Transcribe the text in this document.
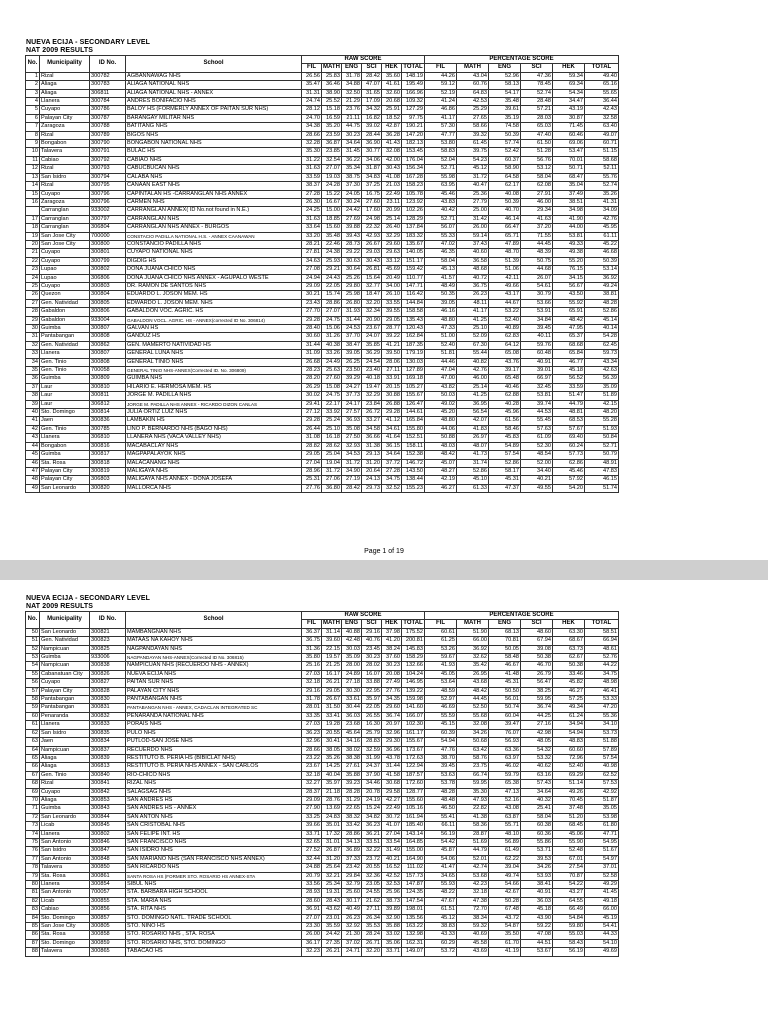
NUEVA ECIJA - SECONDARY LEVEL
NAT 2009 RESULTS
No.	Municipality	ID No.	School	RAW SCORE						PERCENTAGE SCORE					
				FIL	MATH	ENG	SCI	HEK	TOTAL	FIL	MATH	ENG	SCI	HEK	TOTAL
1	Rizal	300782	AGBANNAWAG NHS	26.56	25.83	31.78	28.42	35.60	148.19	44.26	43.04	52.96	47.36	59.34	49.40
2	Aliaga	300783	ALIAGA NATIONAL NHS	35.47	36.46	34.88	47.07	41.61	195.49	59.12	60.76	58.13	78.45	69.34	65.16
3	Aliaga	306811	ALIAGA NATIONAL NHS - ANNEX	31.31	38.90	32.50	31.65	32.60	166.96	52.19	64.83	54.17	52.74	54.34	55.65
4	Llanera	300784	ANDRES BONIFACIO NHS	24.74	25.52	21.29	17.09	20.68	109.32	41.24	42.53	35.48	28.48	34.47	36.44
5	Cuyapo	300786	BALOY HS (FORMERLY ANNEX OF PAITAN SUR NHS)	28.12	15.18	23.76	34.32	25.91	127.29	46.86	25.29	39.61	57.21	43.19	42.43
6	Palayan City	300787	BARANGAY MILITAR NHS	24.70	16.59	21.11	16.82	18.52	97.75	41.17	27.65	35.19	28.03	30.87	32.58
7	Zaragoza	300788	BATITANG NHS	34.38	35.20	44.75	39.02	42.87	190.21	57.30	58.66	74.58	65.03	71.45	63.40
8	Rizal	300789	BIGOS NHS	28.66	23.59	30.23	28.44	36.28	147.20	47.77	39.32	50.39	47.40	60.46	49.07
9	Bongabon	300790	BONGABON NATIONAL NHS	32.28	36.87	34.64	36.90	41.43	182.13	53.80	61.45	57.74	61.50	69.06	60.71
10	Talavera	300791	BULAC HS	35.30	23.85	31.45	30.77	32.08	153.45	58.83	39.75	52.42	51.28	53.47	51.15
11	Cabiao	300792	CABIAO NHS	31.22	32.54	36.22	34.06	42.00	176.04	52.04	54.23	60.37	56.76	70.01	58.68
12	Rizal	300793	CABUCBUCAN NHS	31.63	27.07	35.34	31.87	30.43	156.34	52.71	45.12	58.90	53.12	50.71	52.11
13	San Isidro	300794	CALABA NHS	33.59	19.03	38.75	34.83	41.08	167.28	55.98	31.72	64.58	58.04	68.47	55.76
14	Rizal	300795	CANAAN EAST NHS	38.37	24.28	37.30	37.25	21.03	158.23	63.95	40.47	62.17	62.08	35.04	52.74
15	Cuyapo	300796	CAPINTALAN HS -CARRANGLAN NHS ANNEX	27.28	15.22	24.05	16.75	22.49	105.78	45.46	25.36	40.08	27.91	37.49	35.26
16	Zaragoza	300796	CARMEN NHS	26.30	16.67	30.24	27.60	23.11	123.92	43.83	27.79	50.39	46.00	38.51	41.31
	Carranglan	933002	CARRANGLAN ANNEX( ID No.not found in N.E.)	24.25	15.00	24.42	17.60	20.99	102.26	40.42	25.00	40.70	29.34	34.98	34.09
17	Carranglan	300797	CARRANGLAN NHS	31.63	18.85	27.69	24.98	25.14	128.29	52.71	31.42	46.14	41.63	41.90	42.76
18	Carranglan	306804	CARRANGLAN NHS ANNEX - BURGOS	33.64	15.60	39.88	22.32	26.40	137.84	56.07	26.00	66.47	37.20	44.00	45.95
19	San Jose City	700000	CONSTACIO PADILLA NATIONAL H.S. - ANNEX CAANAWAN	33.20	35.48	39.43	42.93	32.29	183.32	55.33	59.14	65.71	71.55	53.81	61.11
20	San Jose City	300800	CONSTANCIO PADILLA NHS	28.21	22.46	28.73	26.67	29.60	135.67	47.02	37.43	47.89	44.45	49.33	45.22
21	Cuyapo	300801	CUYAPO NATIONAL NHS	27.81	24.38	29.22	29.03	29.63	140.05	46.35	40.60	48.70	48.39	49.38	46.68
22	Cuyapo	300799	DIGDIG HS	34.63	25.93	30.63	30.43	33.12	151.17	58.04	36.58	51.39	50.75	55.20	50.39
23	Lupao	300802	DONA JUANA CHICO NHS	27.08	29.21	30.64	26.81	45.69	159.42	45.13	48.68	51.06	44.68	76.15	53.14
24	Lupao	306806	DONA JUANA CHICO NHS ANNEX - AGUPALO WESTE	24.94	24.43	25.26	15.64	20.49	110.77	41.57	40.72	42.11	26.07	34.15	36.92
25	Cuyapo	300803	DR. RAMON DE SANTOS NHS	29.09	22.05	29.80	32.77	34.00	147.71	48.49	36.75	49.66	54.61	56.67	49.24
26	Quezon	300804	EDUARDO L. JOSON MEM. HS	30.21	15.74	25.98	18.47	26.10	116.42	50.35	26.23	43.17	30.79	43.50	38.81
27	Gen. Natividad	300805	EDWARDO L. JOSON MEM. NHS	23.43	28.86	26.80	32.20	33.55	144.84	39.05	48.11	44.67	53.66	55.92	48.28
28	Gabaldon	300806	GABALDON VOC. AGRIC. HS	27.70	27.07	31.93	32.34	39.55	158.58	46.16	41.17	53.22	53.91	65.91	52.86
29	Gabaldon	933004	GABALDON VOCL. AGRIC. HS - ANNEX(corrected ID No. 306814)	29.28	24.75	31.44	20.90	29.05	135.43	48.80	41.25	52.40	34.84	48.42	45.14
30	Guimba	300807	GALVAN HS	28.40	15.06	24.53	23.67	28.77	120.43	47.33	25.10	40.89	39.45	47.95	40.14
31	Pantabangan	300808	GANDUZ HS	30.60	31.26	37.70	24.07	39.22	162.84	51.00	52.09	62.83	40.11	65.37	54.28
32	Gen. Natividad	300862	GEN. MAMERTO NATIVIDAD HS	31.44	40.38	38.47	35.85	41.21	187.35	52.40	67.30	64.12	59.76	68.68	62.45
33	Llanera	300807	GENERAL LUNA NHS	31.09	33.26	39.05	36.29	39.50	179.19	51.81	55.44	65.08	60.48	65.84	59.73
34	Gen. Tinio	300808	GENERAL TINIO NHS	26.68	24.49	26.25	24.54	28.06	130.03	44.46	40.82	43.76	40.91	46.77	43.34
35	Gen. Tinio	700058	GENERAL TINIO NHS-ANNEX(Corrected ID. No. 306809)	28.23	25.63	23.50	23.40	27.11	127.89	47.04	42.76	39.17	39.01	45.18	42.63
36	Guimba	300809	GUIMBA NHS	28.20	27.60	39.29	40.18	33.91	169.18	47.00	46.00	65.48	66.97	56.52	56.39
37	Laur	300810	HILARIO E. HERMOSA MEM. HS	26.29	15.08	24.27	19.47	20.15	105.27	43.82	25.14	40.46	32.45	33.59	35.09
38	Laur	300811	JORGE M. PADILLA NHS	30.02	24.75	37.73	32.29	30.88	155.67	50.03	41.25	62.88	53.81	51.47	51.89
39	Laur	306812	JORGE M. PADILLA NHS ANNEX - RICARDO DIZON CANLAS	29.41	22.17	24.17	23.84	26.88	126.47	49.02	36.95	40.28	39.74	44.79	42.15
40	Sto. Domingo	300814	JULIA ORTIZ LUIZ NHS	27.12	33.92	27.57	26.72	29.28	144.61	45.20	56.54	45.96	44.53	48.81	48.20
41	Jaen	300836	LAMBAKIN HS	29.28	25.24	36.93	33.27	41.12	165.84	48.80	42.07	61.56	55.45	68.53	55.28
42	Gen. Tinio	300785	LINO P. BERNARDO NHS (BAGO NHS)	26.44	25.10	35.08	34.58	34.61	155.80	44.06	41.83	58.46	57.63	57.67	51.93
43	Llanera	306810	LLANERA NHS (VACA VALLEY NHS)	31.08	16.18	27.50	36.66	41.64	152.51	50.88	26.97	45.83	61.09	69.40	50.84
44	Bongabon	300816	MACABACLAY NHS	28.82	28.62	32.93	31.38	36.15	158.11	48.03	48.07	54.89	52.30	60.24	52.71
45	Guimba	300817	MAGPAPALAYOK NHS	29.05	25.04	34.53	29.13	34.64	152.38	48.42	41.73	57.54	48.54	57.73	50.79
46	Sta. Rosa	300818	MALACANANG NHS	27.04	19.04	31.72	31.20	37.72	146.72	45.07	31.74	52.86	52.00	62.86	48.91
47	Palayan City	300819	MALIGAYA NHS	28.96	31.72	34.90	20.64	27.28	143.50	48.27	52.86	58.17	34.40	45.46	47.83
48	Palayan City	306803	MALIGAYA NHS ANNEX - DONA JOSEFA	25.31	27.06	27.19	24.13	34.75	138.44	42.19	45.10	45.31	40.21	57.92	46.15
49	San Leonardo	300820	MALLORCA NHS	27.76	36.80	28.42	29.73	32.52	155.23	46.27	61.33	47.37	49.55	54.20	51.74
Page 1 of 19
NUEVA ECIJA - SECONDARY LEVEL
NAT 2009 RESULTS
No.	Municipality	ID No.	School	RAW SCORE						PERCENTAGE SCORE					
				FIL	MATH	ENG	SCI	HEK	TOTAL	FIL	MATH	ENG	SCI	HEK	TOTAL
50	San Leonardo	300821	MAMBANGNAN NHS	36.37	31.14	40.88	29.16	37.98	175.52	60.61	51.90	68.13	48.60	63.30	58.51
51	Gen. Natividad	300823	MATAAS NA KAHOY NHS	36.75	39.60	42.48	40.76	41.20	200.81	61.25	66.00	70.81	67.94	68.67	66.94
52	Nampicuan	300825	NAGPANDAYAN NHS	31.36	22.15	30.03	23.45	38.24	145.83	53.26	36.92	50.05	39.08	63.73	48.61
53	Guimba	933006	NAGPANDAYAN NHS-ANNEX(Corrected ID No. 306815)	35.80	19.57	35.09	30.23	37.60	158.29	59.67	32.62	58.48	50.38	62.67	52.76
54	Nampicuan	300838	NAMPICUAN NHS (RECUERDO NHS - ANNEX)	25.16	21.25	28.00	28.02	30.23	132.66	41.93	35.42	46.67	46.70	50.38	44.22
55	Cabanatuan City	300826	NUEVA ECIJA NHS	27.03	16.17	24.89	16.07	20.08	104.24	45.05	26.95	41.48	26.79	33.46	34.75
56	Cuyapo	300827	PAITAN SUR NHS	32.18	26.21	27.18	33.88	27.49	146.95	53.64	43.68	45.31	56.47	45.82	48.98
57	Palayan City	300828	PALAYAN CITY NHS	29.16	29.05	30.30	22.95	27.76	139.22	48.59	48.42	50.50	38.25	46.27	46.41
58	Pantabangan	300830	PANTABANGAN NHS	31.78	26.67	33.61	35.97	34.35	159.98	52.97	44.45	56.01	59.95	57.25	53.33
59	Pantabangan	300831	PANTABANGAN NHS - ANNEX, CADACLAN INTEGRATED SC	28.01	31.50	30.44	22.05	29.60	141.60	46.69	52.50	50.74	36.74	49.34	47.20
60	Penaranda	300832	PENARANDA NATIONAL NHS	33.35	33.41	36.03	26.55	36.74	166.07	55.59	55.68	60.04	44.25	61.24	55.36
61	Llanera	300833	PORAIS NHS	27.03	19.28	23.68	16.30	20.97	102.30	45.15	32.08	39.47	27.16	34.94	34.10
62	San Isidro	300835	PULO NHS	36.23	20.55	45.64	25.79	32.96	161.17	60.39	34.26	76.07	42.98	54.94	53.73
63	Jaen	300834	PUTLOD-SAN JOSE NHS	32.96	30.41	34.16	28.83	29.30	155.67	54.94	50.68	56.93	48.05	48.83	51.88
64	Nampicuan	300837	RECUERDO NHS	28.66	38.05	38.02	32.59	36.96	173.67	47.76	63.42	63.36	54.32	60.60	57.89
65	Aliaga	300839	RESTITUTO B. PERIA HS (BIBICLAT NHS)	23.22	35.26	38.38	31.99	43.78	172.63	38.70	58.76	63.97	53.32	72.96	57.54
66	Aliaga	306813	RESTITUTO B. PERIA NHS ANNEX - SAN CARLOS	23.67	14.25	27.61	24.37	31.44	122.94	39.45	23.75	46.02	40.62	52.40	40.98
67	Gen. Tinio	300840	RIO-CHICO NHS	32.18	40.04	35.88	37.90	41.58	187.57	53.63	66.74	59.79	63.16	69.29	62.52
68	Rizal	300841	RIZAL NHS	32.27	35.97	39.23	34.46	30.68	172.60	53.78	59.95	65.38	57.43	51.14	57.53
69	Cuyapo	300842	SALAGSAG NHS	28.37	21.18	28.28	20.78	29.58	128.77	48.28	35.30	47.13	34.64	49.26	42.92
70	Aliaga	300853	SAN ANDRES HS	29.09	28.76	31.29	24.19	42.27	155.60	48.48	47.93	52.16	40.32	70.45	51.87
71	Guimba	300843	SAN ANDRES HS - ANNEX	27.90	13.69	22.65	15.24	22.49	105.16	46.50	22.82	43.08	25.41	37.48	35.05
72	San Leonardo	300844	SAN ANTON NHS	33.25	24.83	38.32	34.82	30.72	161.94	55.41	41.38	63.87	58.04	51.20	53.98
73	Licab	300845	SAN CRISTOBAL NHS	39.66	35.01	33.42	36.23	41.07	185.40	66.11	58.36	55.71	60.38	68.45	61.80
74	Llanera	300802	SAN FELIPE INT. HS	33.71	17.32	28.86	36.21	27.04	143.14	56.19	28.87	48.10	60.36	45.06	47.71
75	San Antonio	300846	SAN FRANCISCO NHS	32.65	31.01	34.13	33.51	33.54	164.85	54.42	51.69	56.89	55.86	55.90	54.95
76	San Isidro	300847	SAN ISIDRO NHS	27.52	26.87	36.89	32.22	31.49	155.00	45.87	44.79	61.49	53.71	52.48	51.67
77	San Antonio	300848	SAN MARIANO NHS (SAN FRANCISCO NHS ANNEX)	32.44	31.20	37.33	23.72	40.21	164.90	54.06	52.01	62.22	39.53	67.01	54.97
78	Talavera	300850	SAN RICARDO NHS	24.88	25.64	23.42	20.55	16.52	111.02	41.47	42.74	39.04	34.26	27.54	37.01
79	Sta. Rosa	300861	SANTA ROSA HS (FORMER STO. ROSARIO HS ANNEX-STA	20.79	32.21	29.84	32.36	42.52	157.73	34.65	53.68	49.74	53.93	70.87	52.58
80	Llanera	300854	SIBUL NHS	33.56	25.34	32.79	23.05	32.53	147.87	55.93	42.23	54.66	38.41	54.22	49.29
81	San Antonio	700057	STA. BARBARA HIGH SCHOOL	28.93	19.31	25.60	24.55	25.96	124.35	48.22	32.18	42.67	40.91	43.27	41.45
82	Licab	300855	STA. MARIA NHS	28.60	28.43	30.17	21.62	38.73	147.54	47.67	47.38	50.28	36.03	64.55	49.18
83	Cabiao	300856	STA. RITA NHS	36.91	43.62	40.49	27.11	39.89	198.01	61.51	72.70	67.48	45.18	66.49	66.00
84	Sto. Domingo	300857	STO. DOMINGO NATL. TRADE SCHOOL	27.07	23.01	26.23	26.34	32.90	135.56	45.12	38.34	43.72	43.90	54.84	45.19
85	San Jose City	300805	STO. NINO HS	23.30	35.59	32.92	35.53	35.88	163.22	38.83	59.32	54.87	59.22	59.80	54.41
86	Sta. Rosa	300858	STO. ROSARIO NHS , STA. ROSA	26.00	24.42	21.30	28.24	33.02	132.98	43.33	40.69	35.50	47.08	55.03	44.33
87	Sto. Domingo	300859	STO. ROSARIO NHS, STO. DOMINGO	36.17	27.35	37.02	26.71	35.06	162.31	60.29	45.58	61.70	44.51	58.43	54.10
88	Talavera	300865	TABACAO HS	32.23	26.21	24.71	32.20	33.71	149.07	53.72	43.69	41.19	53.67	56.19	49.69
